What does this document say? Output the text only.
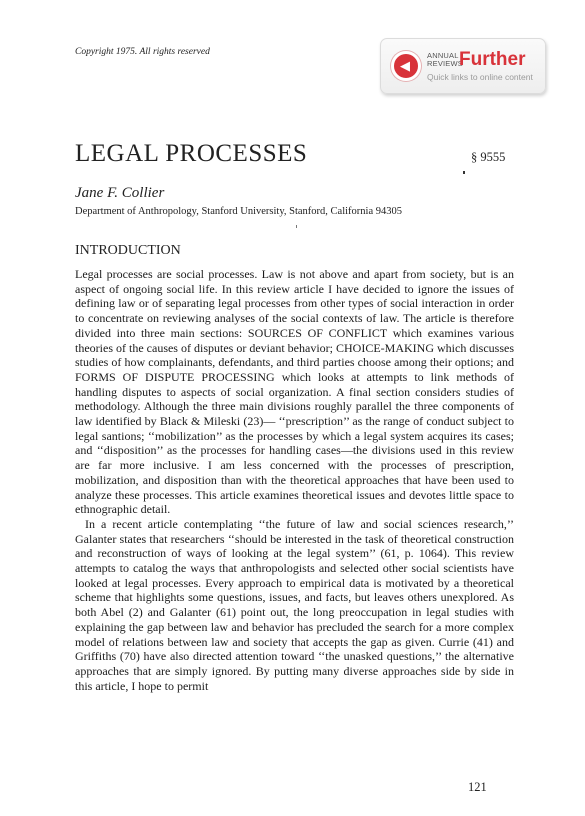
Copyright 1975. All rights reserved
◀
ANNUAL
REVIEWS
Further
Quick links to online content
LEGAL PROCESSES	§ 9555
Jane F. Collier
Department of Anthropology, Stanford University, Stanford, California 94305
INTRODUCTION

Legal processes are social processes. Law is not above and apart from society, but is an aspect of ongoing social life. In this review article I have decided to ignore the issues of defining law or of separating legal processes from other types of social interaction in order to concentrate on reviewing analyses of the social contexts of law. The article is therefore divided into three main sections: SOURCES OF CONFLICT which examines various theories of the causes of disputes or deviant behavior; CHOICE-MAKING which discusses studies of how complainants, defendants, and third parties choose among their options; and FORMS OF DISPUTE PROCESSING which looks at attempts to link methods of handling disputes to aspects of social organization. A final section considers studies of methodology. Although the three main divisions roughly parallel the three components of law identified by Black & Mileski (23)— ‘‘prescription’’ as the range of conduct subject to legal santions; ‘‘mobilization’’ as the processes by which a legal system acquires its cases; and ‘‘disposition’’ as the processes for handling cases—the divisions used in this review are far more inclusive. I am less concerned with the processes of prescription, mobilization, and disposition than with the theoretical approaches that have been used to analyze these processes. This article examines theoretical issues and devotes little space to ethnographic detail.

In a recent article contemplating ‘‘the future of law and social sciences research,’’ Galanter states that researchers ‘‘should be interested in the task of theoretical construction and reconstruction of ways of looking at the legal system’’ (61, p. 1064). This review attempts to catalog the ways that anthropologists and selected other social scientists have looked at legal processes. Every approach to empirical data is motivated by a theoretical scheme that highlights some questions, issues, and facts, but leaves others unexplored. As both Abel (2) and Galanter (61) point out, the long preoccupation in legal studies with explaining the gap between law and behavior has precluded the search for a more complex model of relations between law and society that accepts the gap as given. Currie (41) and Griffiths (70) have also directed attention toward ‘‘the unasked questions,’’ the alternative approaches that are simply ignored. By putting many diverse approaches side by side in this article, I hope to permit

121
